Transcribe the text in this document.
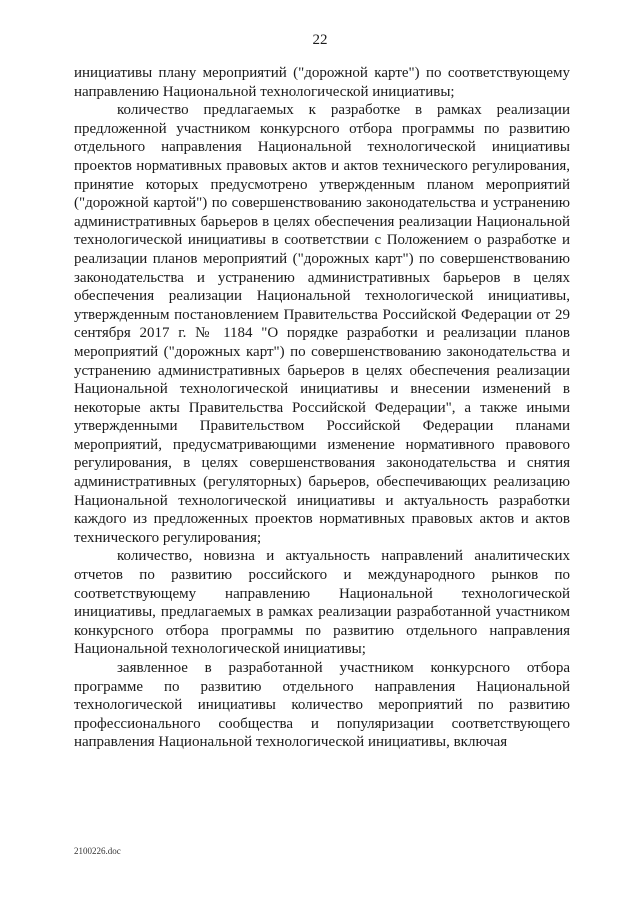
22

инициативы плану мероприятий ("дорожной карте") по соответствующему направлению Национальной технологической инициативы;

количество предлагаемых к разработке в рамках реализации предложенной участником конкурсного отбора программы по развитию отдельного направления Национальной технологической инициативы проектов нормативных правовых актов и актов технического регулирования, принятие которых предусмотрено утвержденным планом мероприятий ("дорожной картой") по совершенствованию законодательства и устранению административных барьеров в целях обеспечения реализации Национальной технологической инициативы в соответствии с Положением о разработке и реализации планов мероприятий ("дорожных карт") по совершенствованию законодательства и устранению административных барьеров в целях обеспечения реализации Национальной технологической инициативы, утвержденным постановлением Правительства Российской Федерации от 29 сентября 2017 г. № 1184 "О порядке разработки и реализации планов мероприятий ("дорожных карт") по совершенствованию законодательства и устранению административных барьеров в целях обеспечения реализации Национальной технологической инициативы и внесении изменений в некоторые акты Правительства Российской Федерации", а также иными утвержденными Правительством Российской Федерации планами мероприятий, предусматривающими изменение нормативного правового регулирования, в целях совершенствования законодательства и снятия административных (регуляторных) барьеров, обеспечивающих реализацию Национальной технологической инициативы и актуальность разработки каждого из предложенных проектов нормативных правовых актов и актов технического регулирования;

количество, новизна и актуальность направлений аналитических отчетов по развитию российского и международного рынков по соответствующему направлению Национальной технологической инициативы, предлагаемых в рамках реализации разработанной участником конкурсного отбора программы по развитию отдельного направления Национальной технологической инициативы;

заявленное в разработанной участником конкурсного отбора программе по развитию отдельного направления Национальной технологической инициативы количество мероприятий по развитию профессионального сообщества и популяризации соответствующего направления Национальной технологической инициативы, включая

2100226.doc
